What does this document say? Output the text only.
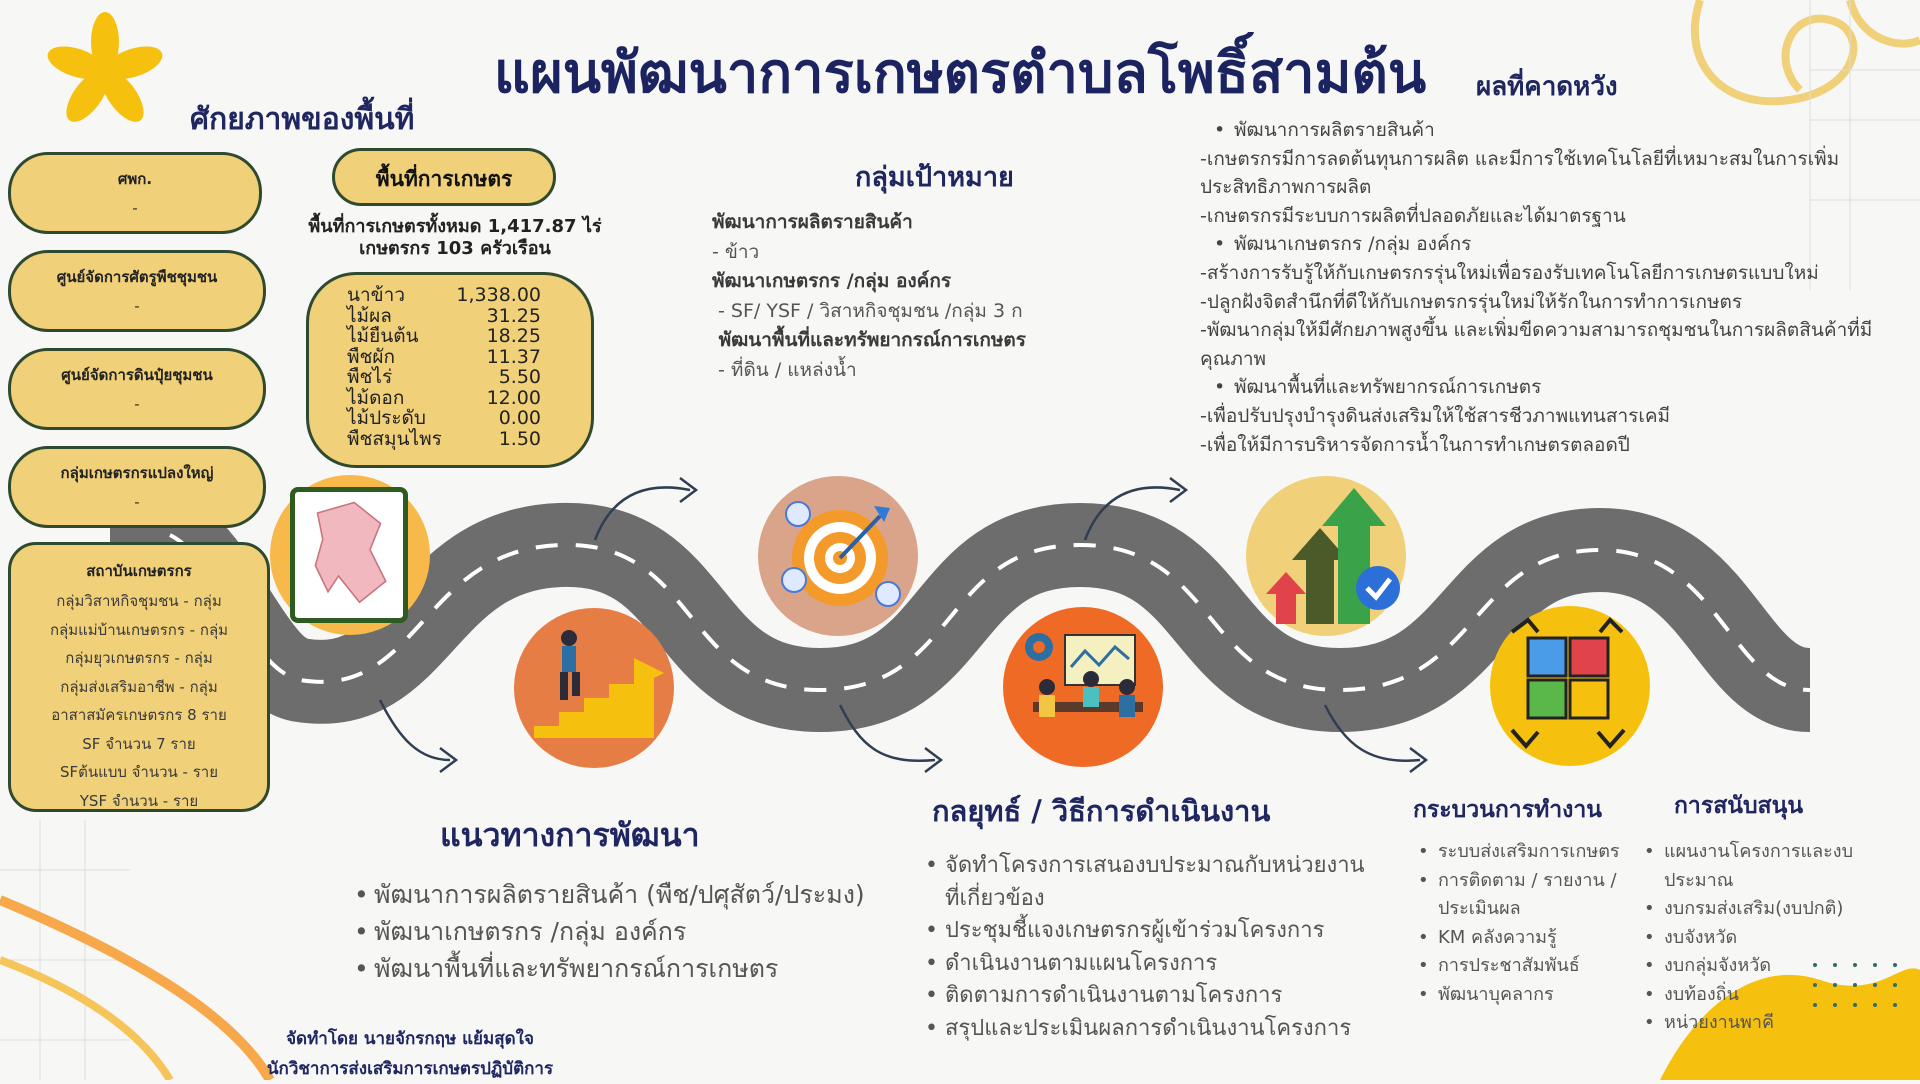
แผนพัฒนาการเกษตรตำบลโพธิ์สามต้น
ศักยภาพของพื้นที่
ศพก.
-
ศูนย์จัดการศัตรูพืชชุมชน
-
ศูนย์จัดการดินปุ๋ยชุมชน
-
กลุ่มเกษตรกรแปลงใหญ่
-
สถาบันเกษตรกร
กลุ่มวิสาหกิจชุมชน - กลุ่ม
กลุ่มแม่บ้านเกษตรกร - กลุ่ม
กลุ่มยุวเกษตรกร - กลุ่ม
กลุ่มส่งเสริมอาชีพ - กลุ่ม
อาสาสมัครเกษตรกร 8 ราย
SF จำนวน 7 ราย
SFต้นแบบ จำนวน - ราย
YSF จำนวน - ราย
พื้นที่การเกษตร
พื้นที่การเกษตรทั้งหมด 1,417.87 ไร่
เกษตรกร 103 ครัวเรือน
นาข้าว	1,338.00
ไม้ผล	31.25
ไม้ยืนต้น	18.25
พืชผัก	11.37
พืชไร่	5.50
ไม้ดอก	12.00
ไม้ประดับ	0.00
พืชสมุนไพร	1.50
กลุ่มเป้าหมาย
พัฒนาการผลิตรายสินค้า
- ข้าว
พัฒนาเกษตรกร /กลุ่ม องค์กร
- SF/ YSF / วิสาหกิจชุมชน /กลุ่ม 3 ก
พัฒนาพื้นที่และทรัพยากรณ์การเกษตร
- ที่ดิน / แหล่งน้ำ
ผลที่คาดหวัง
• พัฒนาการผลิตรายสินค้า
-เกษตรกรมีการลดต้นทุนการผลิต และมีการใช้เทคโนโลยีที่เหมาะสมในการเพิ่ม
ประสิทธิภาพการผลิต
-เกษตรกรมีระบบการผลิตที่ปลอดภัยและได้มาตรฐาน
• พัฒนาเกษตรกร /กลุ่ม องค์กร
-สร้างการรับรู้ให้กับเกษตรกรรุ่นใหม่เพื่อรองรับเทคโนโลยีการเกษตรแบบใหม่
-ปลูกฝังจิตสำนึกที่ดีให้กับเกษตรกรรุ่นใหม่ให้รักในการทำการเกษตร
-พัฒนากลุ่มให้มีศักยภาพสูงขึ้น และเพิ่มขีดความสามารถชุมชนในการผลิตสินค้าที่มี
คุณภาพ
• พัฒนาพื้นที่และทรัพยากรณ์การเกษตร
-เพื่อปรับปรุงบำรุงดินส่งเสริมให้ใช้สารชีวภาพแทนสารเคมี
-เพื่อให้มีการบริหารจัดการน้ำในการทำเกษตรตลอดปี
แนวทางการพัฒนา
• พัฒนาการผลิตรายสินค้า (พืช/ปศุสัตว์/ประมง)
• พัฒนาเกษตรกร /กลุ่ม องค์กร
• พัฒนาพื้นที่และทรัพยากรณ์การเกษตร
กลยุทธ์ / วิธีการดำเนินงาน
• จัดทำโครงการเสนองบประมาณกับหน่วยงานที่เกี่ยวข้อง
• ประชุมชี้แจงเกษตรกรผู้เข้าร่วมโครงการ
• ดำเนินงานตามแผนโครงการ
• ติดตามการดำเนินงานตามโครงการ
• สรุปและประเมินผลการดำเนินงานโครงการ
กระบวนการทำงาน
• ระบบส่งเสริมการเกษตร
• การติดตาม / รายงาน / ประเมินผล
• KM คลังความรู้
• การประชาสัมพันธ์
• พัฒนาบุคลากร
การสนับสนุน
• แผนงานโครงการและงบประมาณ
• งบกรมส่งเสริม(งบปกติ)
• งบจังหวัด
• งบกลุ่มจังหวัด
• งบท้องถิ่น
• หน่วยงานพาคี
จัดทำโดย นายจักรกฤษ แย้มสุดใจ
นักวิชาการส่งเสริมการเกษตรปฏิบัติการ
